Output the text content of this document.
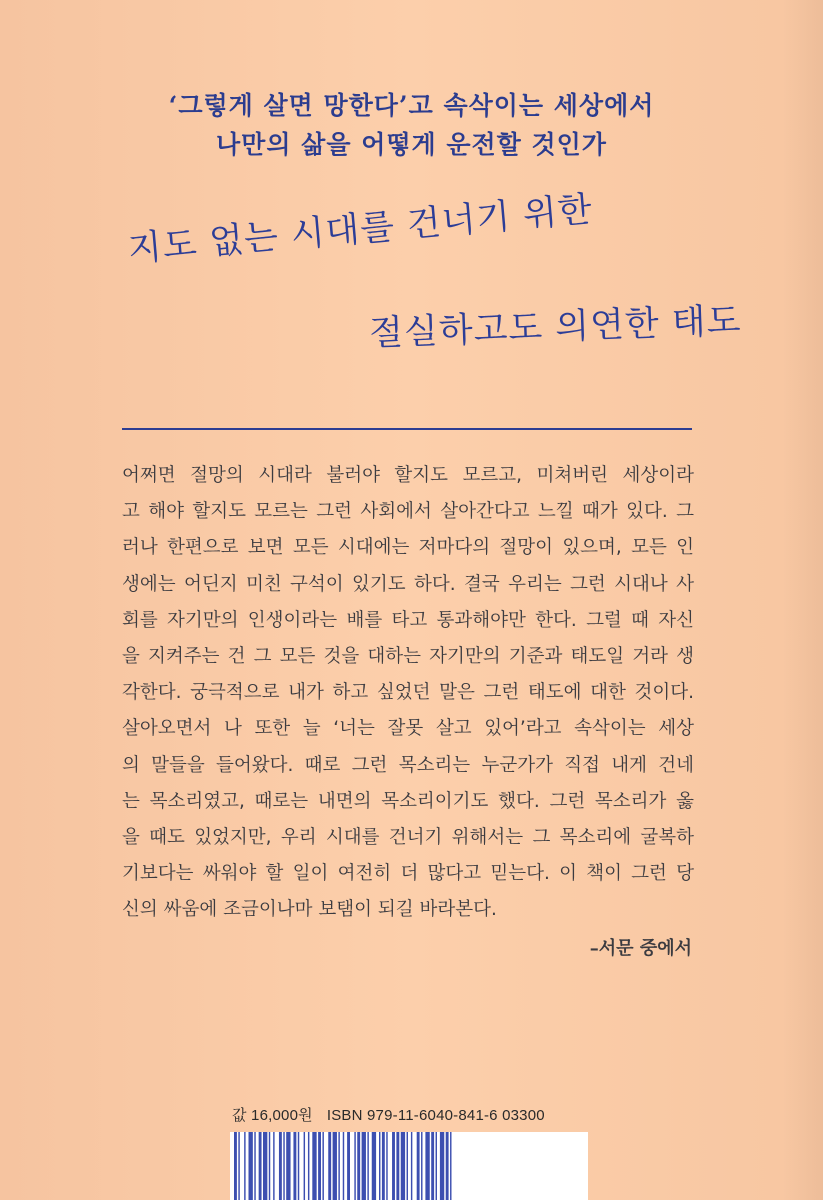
‘그렇게 살면 망한다’고 속삭이는 세상에서
나만의 삶을 어떻게 운전할 것인가
지도 없는 시대를 건너기 위한
절실하고도 의연한 태도
어쩌면 절망의 시대라 불러야 할지도 모르고, 미쳐버린 세상이라
고 해야 할지도 모르는 그런 사회에서 살아간다고 느낄 때가 있다. 그
러나 한편으로 보면 모든 시대에는 저마다의 절망이 있으며, 모든 인
생에는 어딘지 미친 구석이 있기도 하다. 결국 우리는 그런 시대나 사
회를 자기만의 인생이라는 배를 타고 통과해야만 한다. 그럴 때 자신
을 지켜주는 건 그 모든 것을 대하는 자기만의 기준과 태도일 거라 생
각한다. 궁극적으로 내가 하고 싶었던 말은 그런 태도에 대한 것이다.
살아오면서 나 또한 늘 ‘너는 잘못 살고 있어’라고 속삭이는 세상
의 말들을 들어왔다. 때로 그런 목소리는 누군가가 직접 내게 건네
는 목소리였고, 때로는 내면의 목소리이기도 했다. 그런 목소리가 옳
을 때도 있었지만, 우리 시대를 건너기 위해서는 그 목소리에 굴복하
기보다는 싸워야 할 일이 여전히 더 많다고 믿는다. 이 책이 그런 당
신의 싸움에 조금이나마 보탬이 되길 바라본다.
–서문 중에서
값 16,000원 ISBN 979-11-6040-841-6 03300
